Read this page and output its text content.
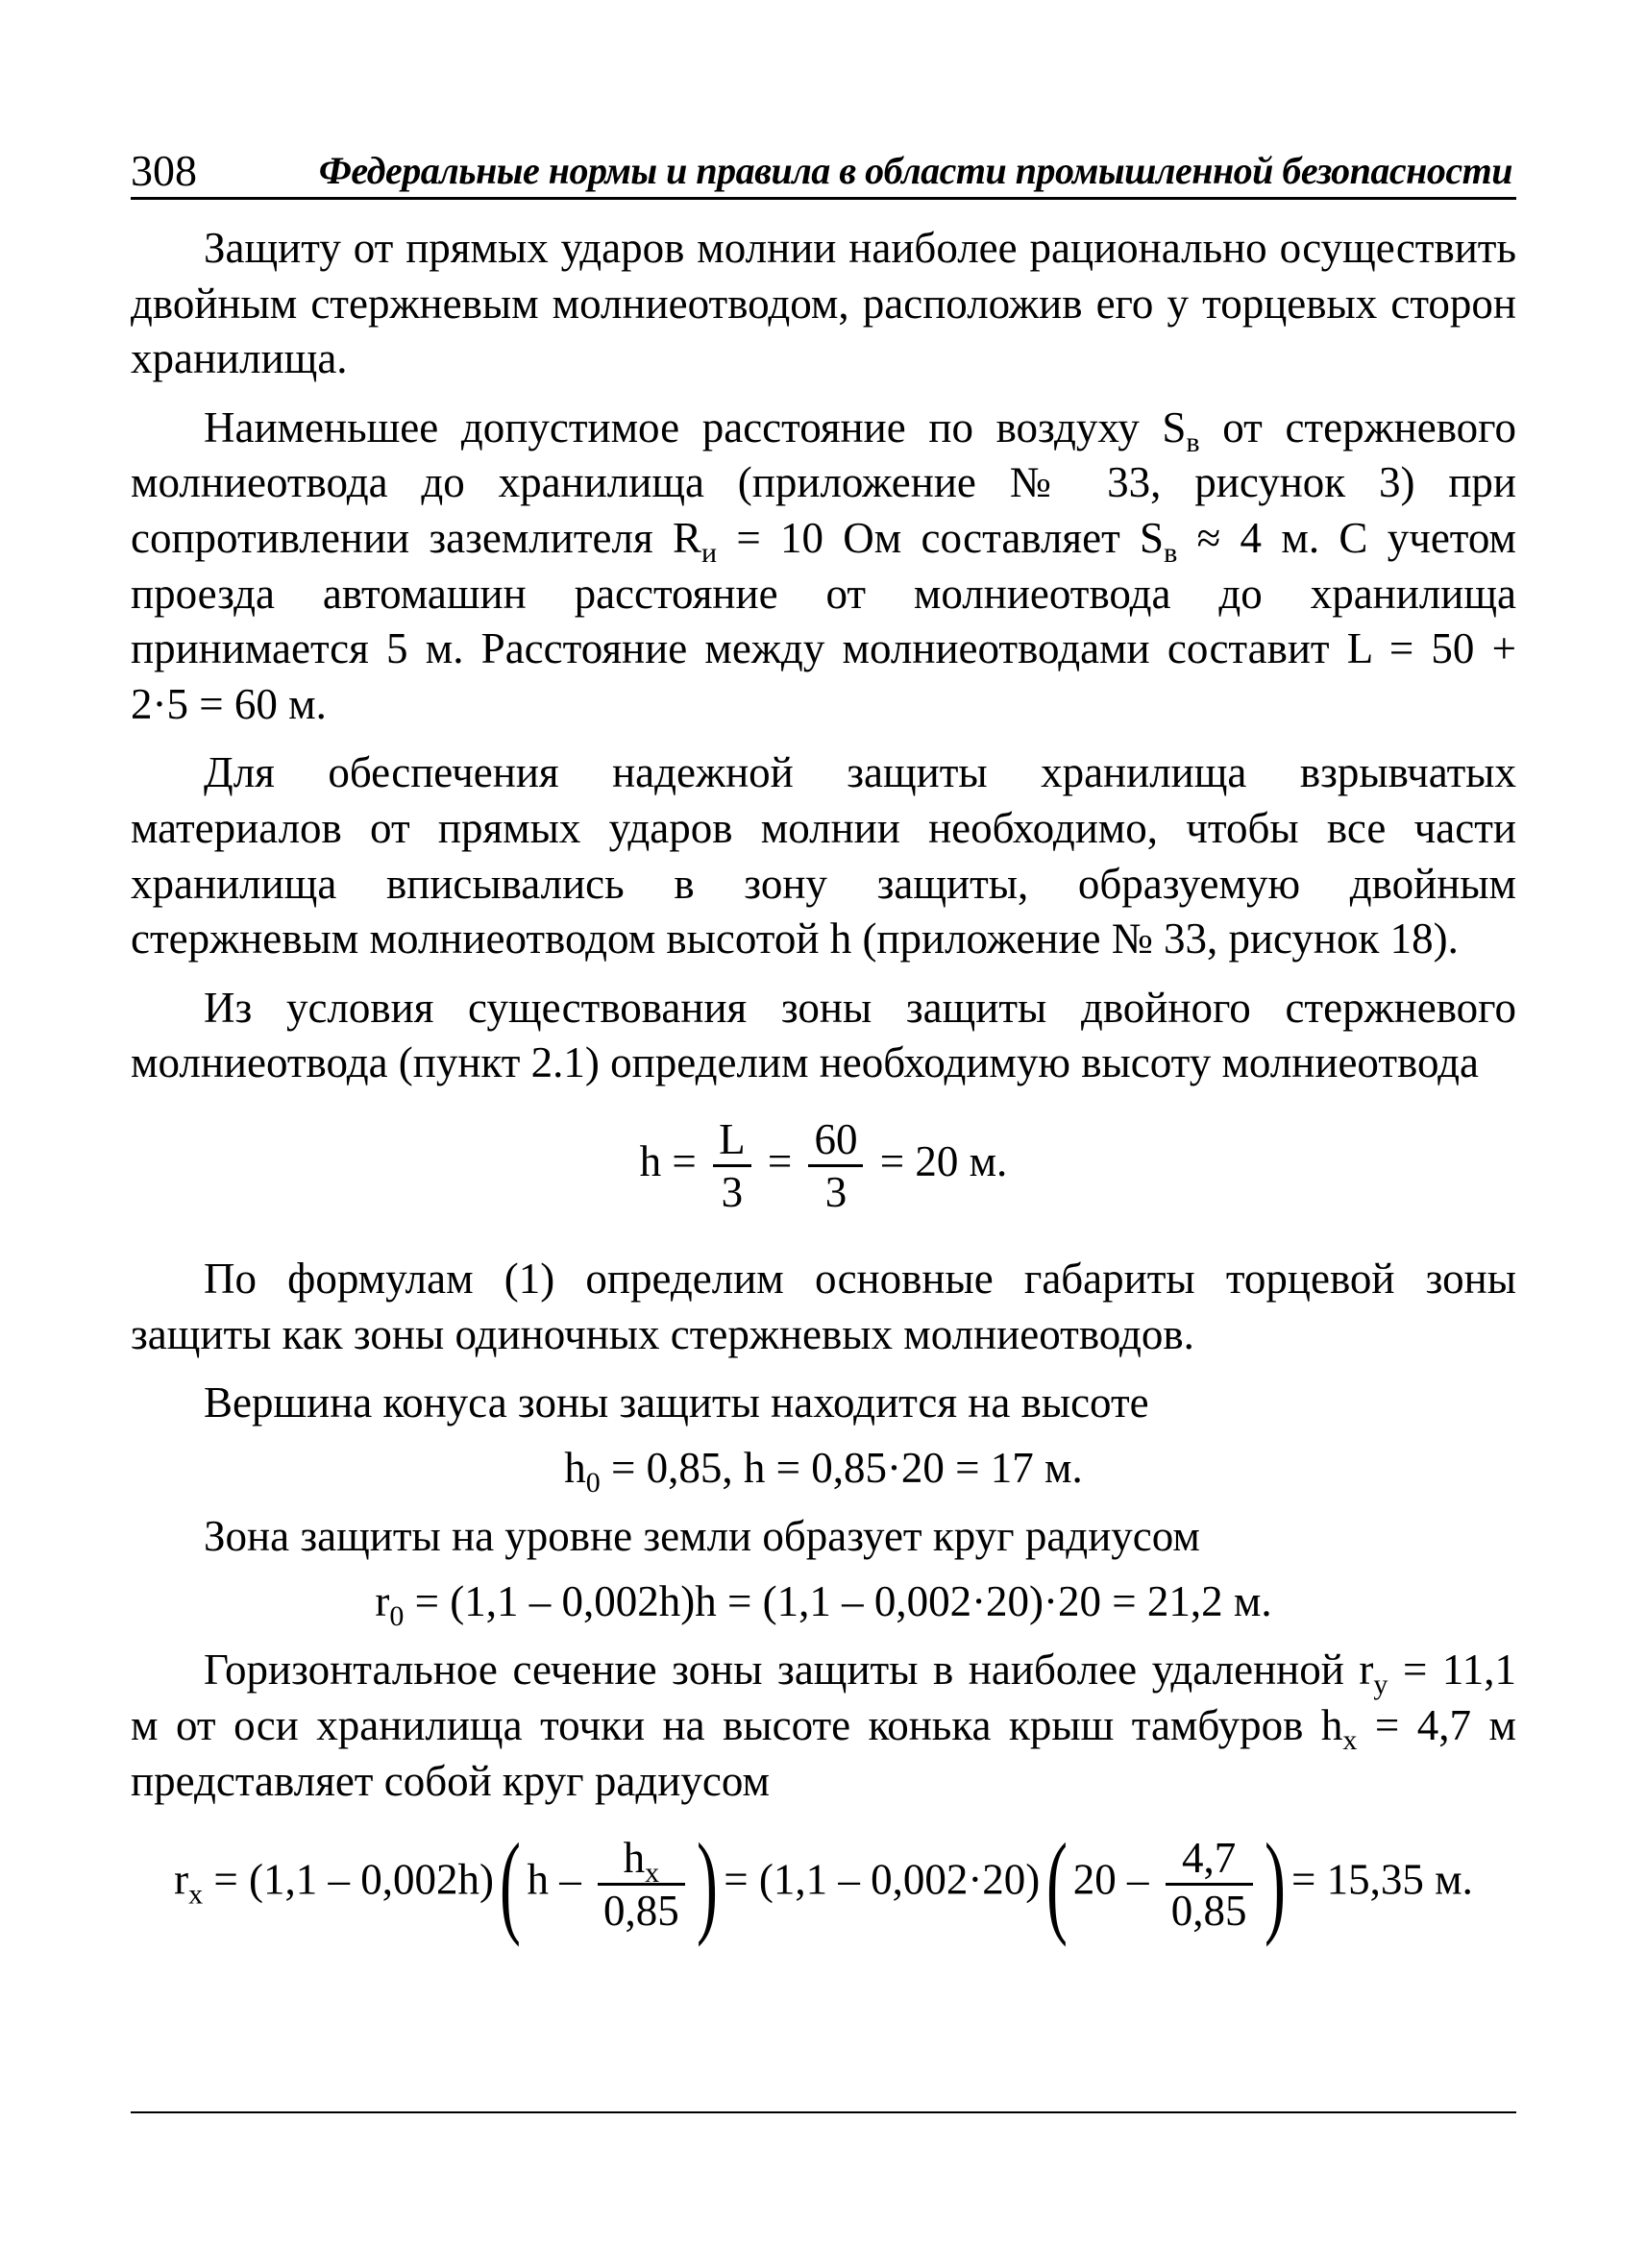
308	Федеральные нормы и правила в области промышленной безопасности

Защиту от прямых ударов молнии наиболее рационально осуществить двойным стержневым молниеотводом, расположив его у торцевых сторон хранилища.

Наименьшее допустимое расстояние по воздуху $S_в$ от стержневого молниеотвода до хранилища (приложение № 33, рисунок 3) при сопротивлении заземлителя $R_и = 10$ Ом составляет $S_в \approx 4$ м. С учетом проезда автомашин расстояние от молниеотвода до хранилища принимается 5 м. Расстояние между молниеотводами составит L = 50 + 2·5 = 60 м.

Для обеспечения надежной защиты хранилища взрывчатых материалов от прямых ударов молнии необходимо, чтобы все части хранилища вписывались в зону защиты, образуемую двойным стержневым молниеотводом высотой h (приложение № 33, рисунок 18).

Из условия существования зоны защиты двойного стержневого молниеотвода (пункт 2.1) определим необходимую высоту молниеотвода

$h = \frac{L}{3} = \frac{60}{3} = 20$ м.

По формулам (1) определим основные габариты торцевой зоны защиты как зоны одиночных стержневых молниеотводов.

Вершина конуса зоны защиты находится на высоте

$h_0 = 0,85$, h = 0,85·20 = 17 м.

Зона защиты на уровне земли образует круг радиусом

$r_0 = (1,1 - 0,002h)h = (1,1 - 0,002\cdot 20)\cdot 20 = 21,2$ м.

Горизонтальное сечение зоны защиты в наиболее удаленной $r_y = 11,1$ м от оси хранилища точки на высоте конька крыш тамбуров $h_x = 4,7$ м представляет собой круг радиусом

$r_x = (1,1 - 0,002h)$ ( h – $\frac{h_x}{0,85}$ ) = (1,1 – 0,002·20) ( $20 - \frac{4,7}{0,85}$ ) = 15,35 м.
